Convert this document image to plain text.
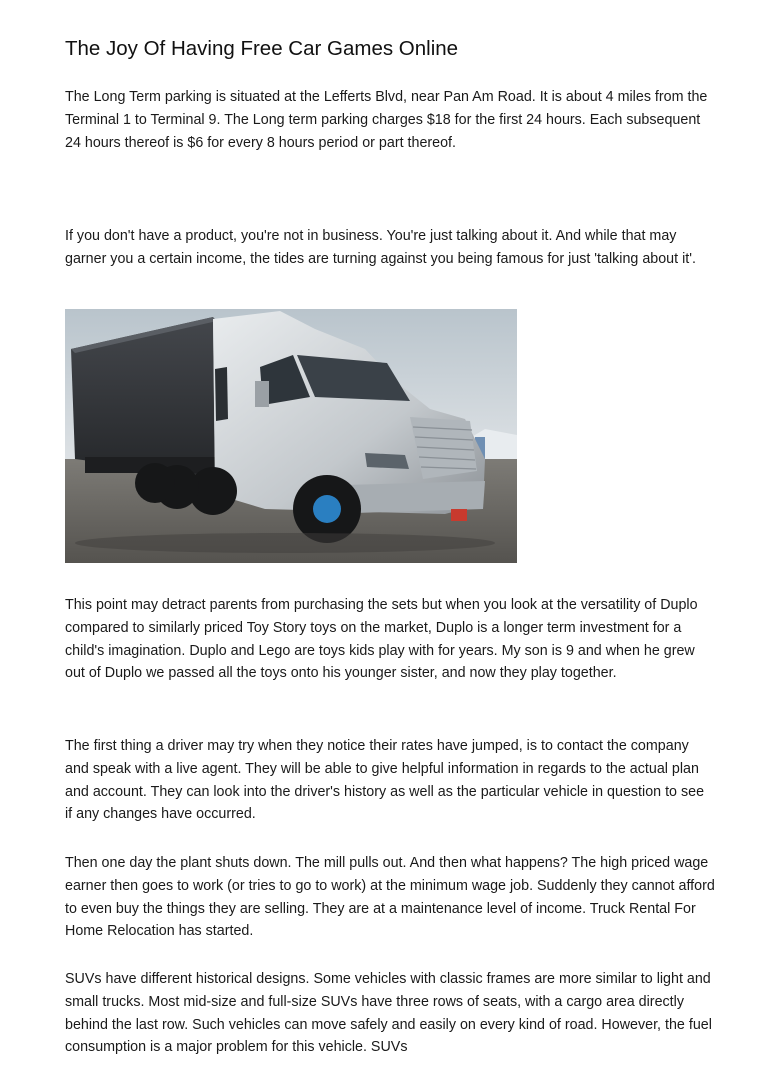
The Joy Of Having Free Car Games Online

The Long Term parking is situated at the Lefferts Blvd, near Pan Am Road. It is about 4 miles from the Terminal 1 to Terminal 9. The Long term parking charges $18 for the first 24 hours. Each subsequent 24 hours thereof is $6 for every 8 hours period or part thereof.

If you don't have a product, you're not in business. You're just talking about it. And while that may garner you a certain income, the tides are turning against you being famous for just 'talking about it'.

This point may detract parents from purchasing the sets but when you look at the versatility of Duplo compared to similarly priced Toy Story toys on the market, Duplo is a longer term investment for a child's imagination. Duplo and Lego are toys kids play with for years. My son is 9 and when he grew out of Duplo we passed all the toys onto his younger sister, and now they play together.

The first thing a driver may try when they notice their rates have jumped, is to contact the company and speak with a live agent. They will be able to give helpful information in regards to the actual plan and account. They can look into the driver's history as well as the particular vehicle in question to see if any changes have occurred.

Then one day the plant shuts down. The mill pulls out. And then what happens? The high priced wage earner then goes to work (or tries to go to work) at the minimum wage job. Suddenly they cannot afford to even buy the things they are selling. They are at a maintenance level of income. Truck Rental For Home Relocation has started.

SUVs have different historical designs. Some vehicles with classic frames are more similar to light and small trucks. Most mid-size and full-size SUVs have three rows of seats, with a cargo area directly behind the last row. Such vehicles can move safely and easily on every kind of road. However, the fuel consumption is a major problem for this vehicle. SUVs
